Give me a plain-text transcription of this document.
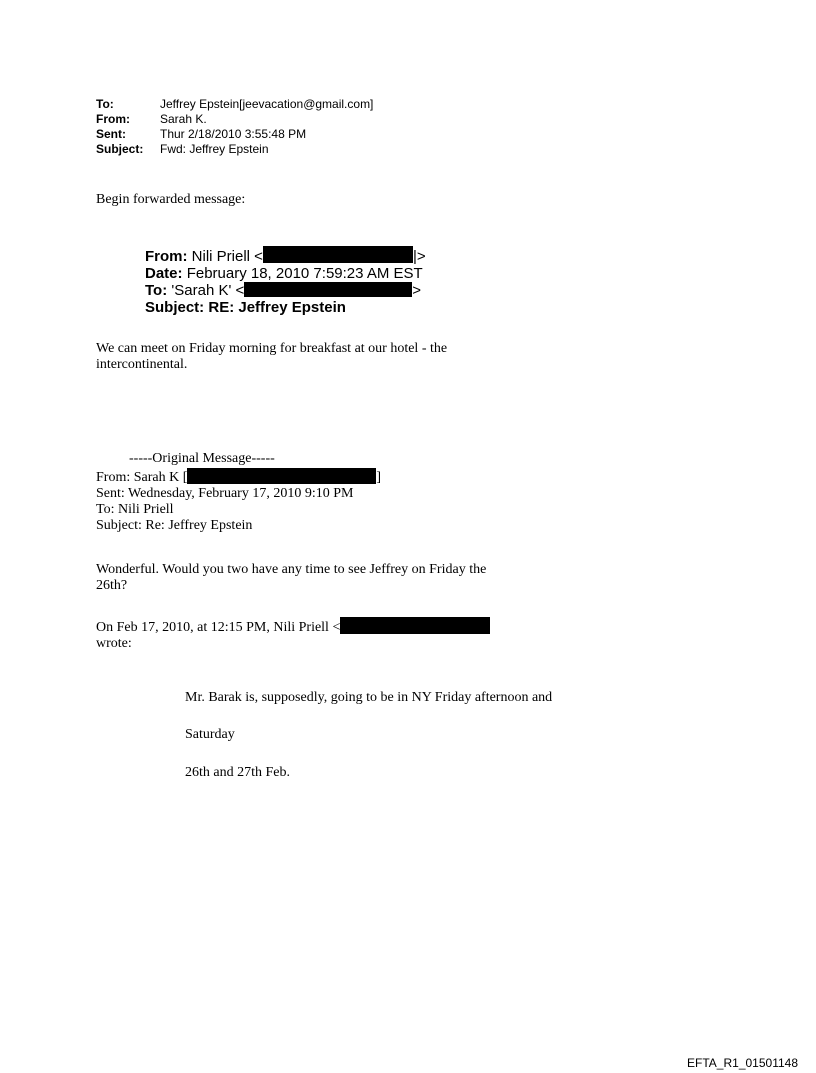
To:	Jeffrey Epstein[jeevacation@gmail.com]
From:	Sarah K.
Sent:	Thur 2/18/2010 3:55:48 PM
Subject:	Fwd: Jeffrey Epstein
Begin forwarded message:
From: Nili Priell <	|>
Date: February 18, 2010 7:59:23 AM EST
To: 'Sarah K' <	>
Subject: RE: Jeffrey Epstein
We can meet on Friday morning for breakfast at our hotel - the
intercontinental.
-----Original Message-----
From: Sarah K [	]
Sent: Wednesday, February 17, 2010 9:10 PM
To: Nili Priell
Subject: Re: Jeffrey Epstein
Wonderful. Would you two have any time to see Jeffrey on Friday the
26th?
On Feb 17, 2010, at 12:15 PM, Nili Priell <
wrote:
Mr. Barak is, supposedly, going to be in NY Friday afternoon and
Saturday
26th and 27th Feb.
EFTA_R1_01501148
